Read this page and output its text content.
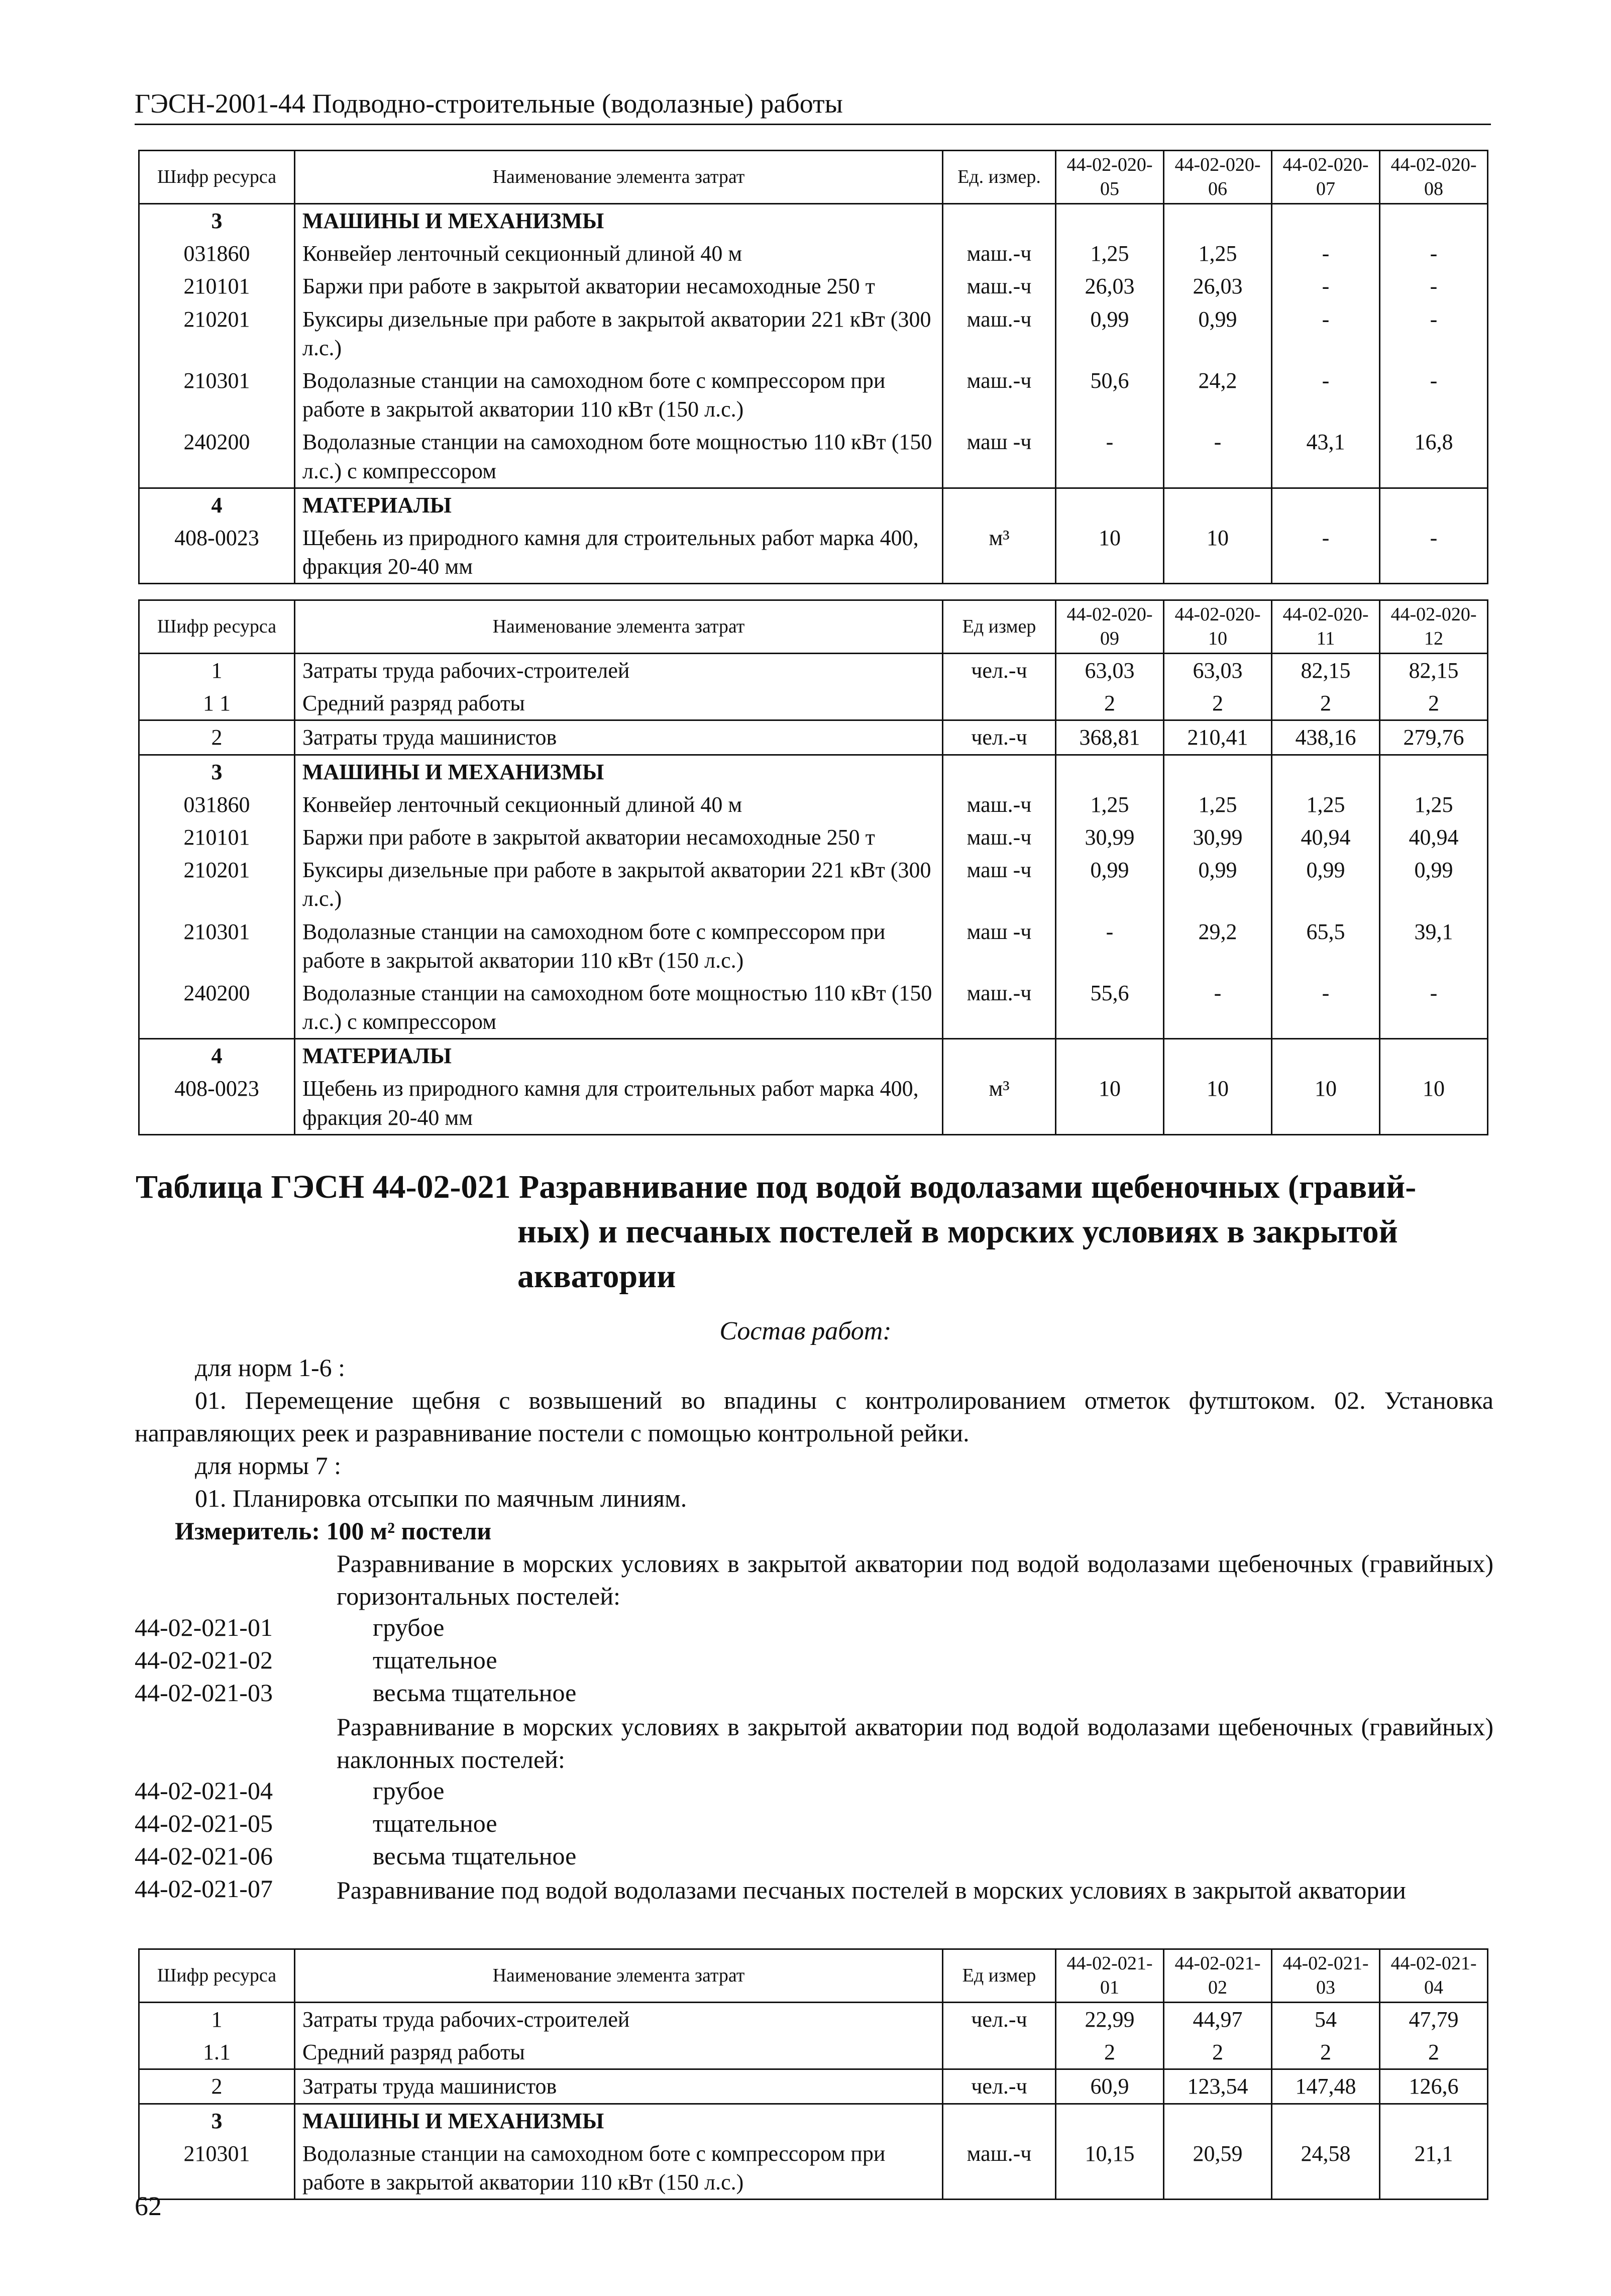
ГЭСН-2001-44 Подводно-строительные (водолазные) работы
Шифр ресурса	Наименование элемента затрат	Ед. измер.	44-02-020-05	44-02-020-06	44-02-020-07	44-02-020-08
3	МАШИНЫ И МЕХАНИЗМЫ					
031860	Конвейер ленточный секционный длиной 40 м	маш.-ч	1,25	1,25	-	-
210101	Баржи при работе в закрытой акватории несамоходные 250 т	маш.-ч	26,03	26,03	-	-
210201	Буксиры дизельные при работе в закрытой акватории 221 кВт (300 л.с.)	маш.-ч	0,99	0,99	-	-
210301	Водолазные станции на самоходном боте с компрессором при работе в закрытой акватории 110 кВт (150 л.с.)	маш.-ч	50,6	24,2	-	-
240200	Водолазные станции на самоходном боте мощностью 110 кВт (150 л.с.) с компрессором	маш -ч	-	-	43,1	16,8
4	МАТЕРИАЛЫ					
408-0023	Щебень из природного камня для строительных работ марка 400, фракция 20-40 мм	м³	10	10	-	-
Шифр ресурса	Наименование элемента затрат	Ед измер	44-02-020-09	44-02-020-10	44-02-020-11	44-02-020-12
1	Затраты труда рабочих-строителей	чел.-ч	63,03	63,03	82,15	82,15
1 1	Средний разряд работы		2	2	2	2
2	Затраты труда машинистов	чел.-ч	368,81	210,41	438,16	279,76
3	МАШИНЫ И МЕХАНИЗМЫ					
031860	Конвейер ленточный секционный длиной 40 м	маш.-ч	1,25	1,25	1,25	1,25
210101	Баржи при работе в закрытой акватории несамоходные 250 т	маш.-ч	30,99	30,99	40,94	40,94
210201	Буксиры дизельные при работе в закрытой акватории 221 кВт (300 л.с.)	маш -ч	0,99	0,99	0,99	0,99
210301	Водолазные станции на самоходном боте с компрессором при работе в закрытой акватории 110 кВт (150 л.с.)	маш -ч	-	29,2	65,5	39,1
240200	Водолазные станции на самоходном боте мощностью 110 кВт (150 л.с.) с компрессором	маш.-ч	55,6	-	-	-
4	МАТЕРИАЛЫ					
408-0023	Щебень из природного камня для строительных работ марка 400, фракция 20-40 мм	м³	10	10	10	10
Таблица ГЭСН 44-02-021 Разравнивание под водой водолазами щебеночных (гравий-
ных) и песчаных постелей в морских условиях в закрытой
акватории
Состав работ:
для норм 1-6 :
01. Перемещение щебня с возвышений во впадины с контролированием отметок футштоком. 02. Установка направляющих реек и разравнивание постели с помощью контрольной рейки.
для нормы 7 :
01. Планировка отсыпки по маячным линиям.
Измеритель: 100 м² постели
Разравнивание в морских условиях в закрытой акватории под водой водолазами щебеночных (гравийных) горизонтальных постелей:
44-02-021-01	грубое
44-02-021-02	тщательное
44-02-021-03	весьма тщательное
Разравнивание в морских условиях в закрытой акватории под водой водолазами щебеночных (гравийных) наклонных постелей:
44-02-021-04	грубое
44-02-021-05	тщательное
44-02-021-06	весьма тщательное
44-02-021-07	Разравнивание под водой водолазами песчаных постелей в морских условиях в закрытой акватории
Шифр ресурса	Наименование элемента затрат	Ед измер	44-02-021-01	44-02-021-02	44-02-021-03	44-02-021-04
1	Затраты труда рабочих-строителей	чел.-ч	22,99	44,97	54	47,79
1.1	Средний разряд работы		2	2	2	2
2	Затраты труда машинистов	чел.-ч	60,9	123,54	147,48	126,6
3	МАШИНЫ И МЕХАНИЗМЫ					
210301	Водолазные станции на самоходном боте с компрессором при работе в закрытой акватории 110 кВт (150 л.с.)	маш.-ч	10,15	20,59	24,58	21,1
62
